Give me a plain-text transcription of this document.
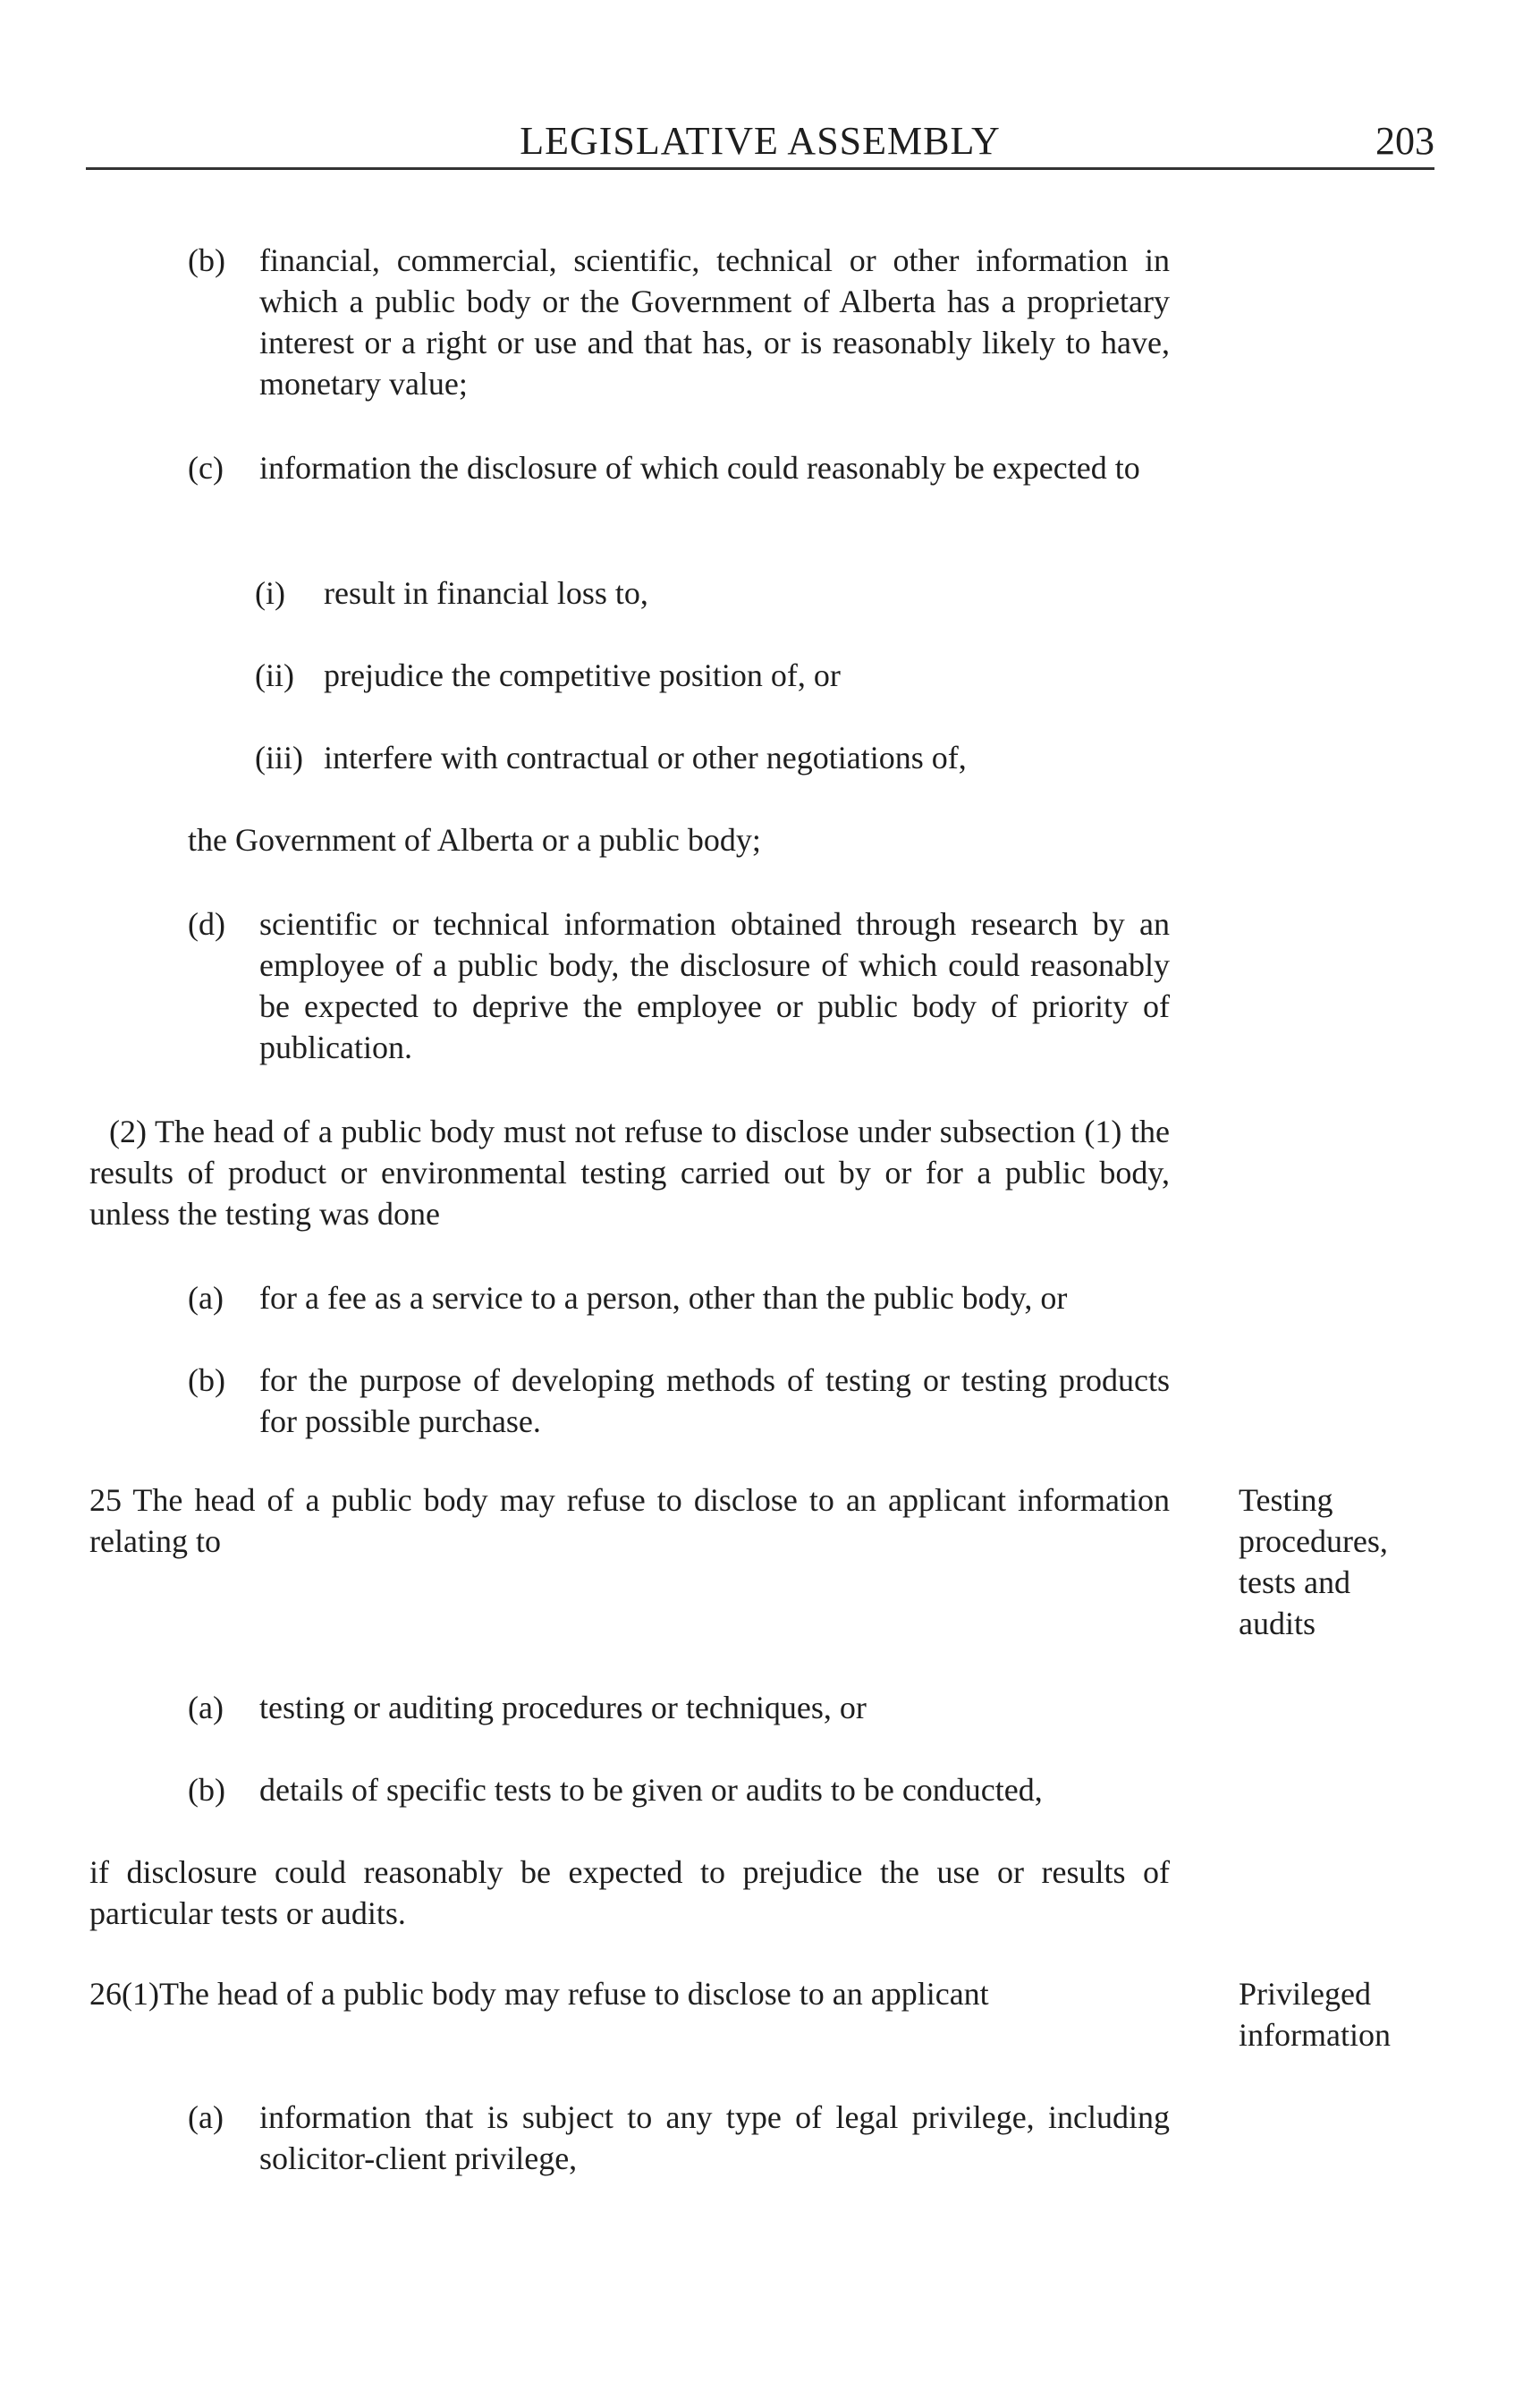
LEGISLATIVE ASSEMBLY	203
(b) financial, commercial, scientific, technical or other information in which a public body or the Government of Alberta has a proprietary interest or a right or use and that has, or is reasonably likely to have, monetary value;
(c) information the disclosure of which could reasonably be expected to
(i) result in financial loss to,
(ii) prejudice the competitive position of, or
(iii) interfere with contractual or other negotiations of,
the Government of Alberta or a public body;
(d) scientific or technical information obtained through research by an employee of a public body, the disclosure of which could reasonably be expected to deprive the employee or public body of priority of publication.
(2) The head of a public body must not refuse to disclose under subsection (1) the results of product or environmental testing carried out by or for a public body, unless the testing was done
(a) for a fee as a service to a person, other than the public body, or
(b) for the purpose of developing methods of testing or testing products for possible purchase.
25 The head of a public body may refuse to disclose to an applicant information relating to
Testing
procedures,
tests and
audits
(a) testing or auditing procedures or techniques, or
(b) details of specific tests to be given or audits to be conducted,
if disclosure could reasonably be expected to prejudice the use or results of particular tests or audits.
26(1)The head of a public body may refuse to disclose to an applicant	Privileged
information
(a) information that is subject to any type of legal privilege, including solicitor-client privilege,
